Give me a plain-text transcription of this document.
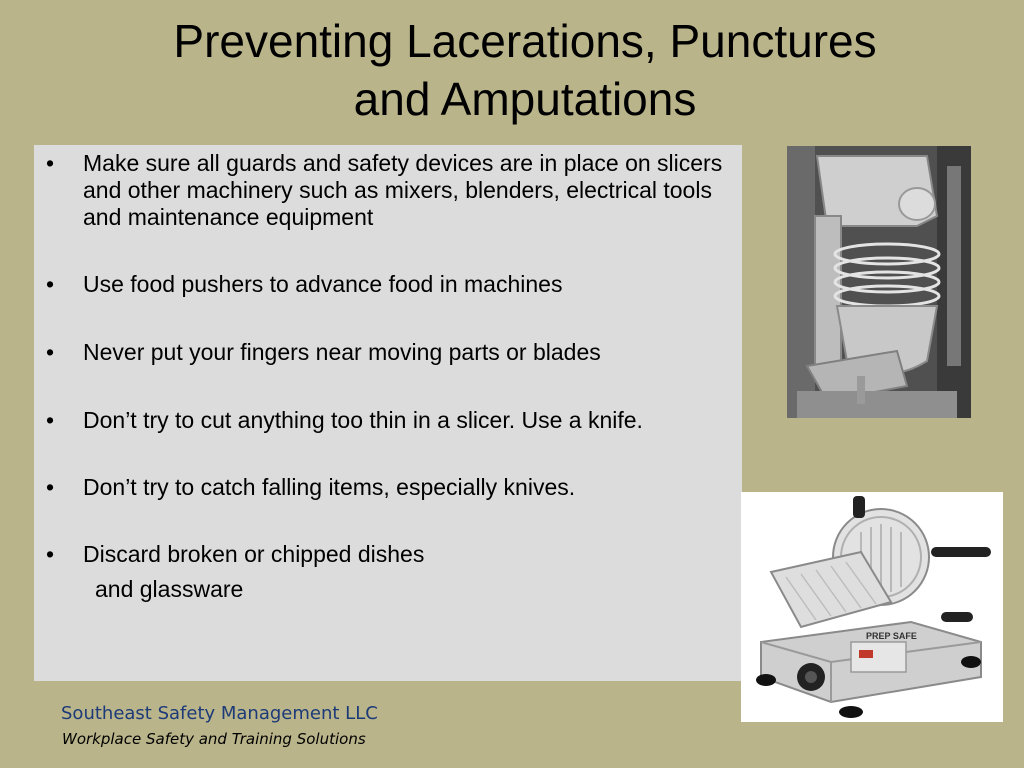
Preventing Lacerations, Punctures
and Amputations
• Make sure all guards and safety devices are in place on slicers and other machinery such as mixers, blenders, electrical tools and maintenance equipment
• Use food pushers to advance food in machines
• Never put your fingers near moving parts or blades
• Don’t try to cut anything too thin in a slicer. Use a knife.
• Don’t try to catch falling items, especially knives.
• Discard broken or chipped dishes
and glassware
PREP SAFE
Southeast Safety Management LLC
Workplace Safety and Training Solutions
